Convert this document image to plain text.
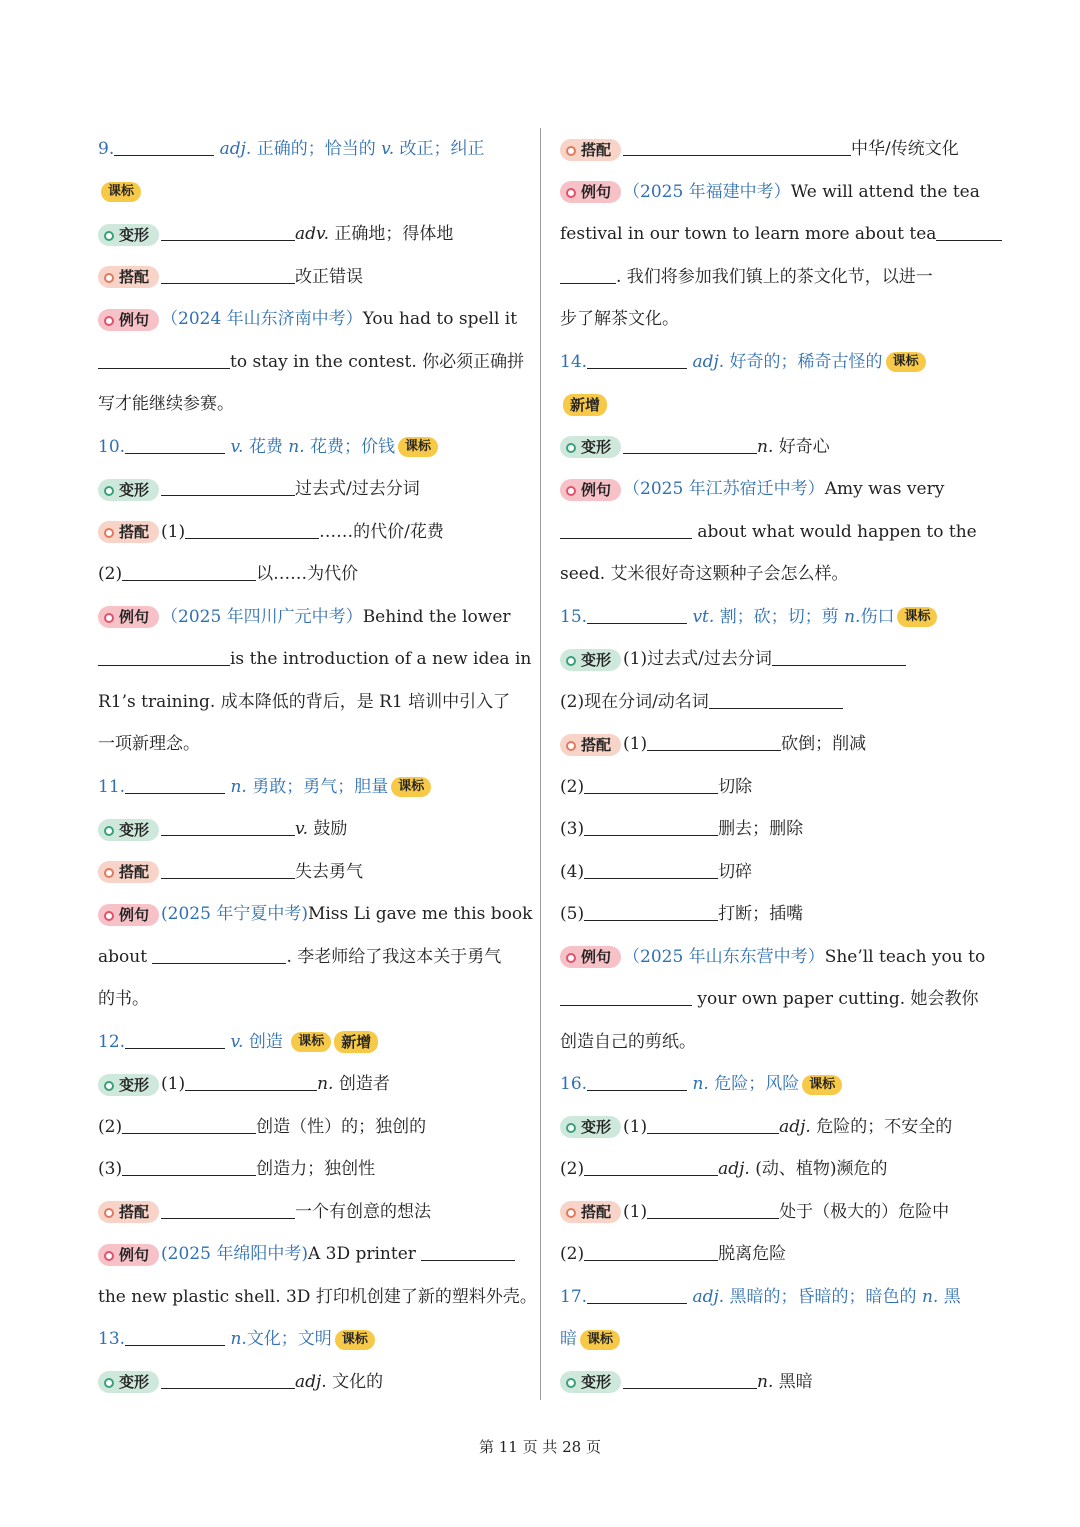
9.	adj. 正确的；恰当的 v. 改正；纠正
课标
变形	adv. 正确地；得体地
搭配	改正错误
例句 （2024 年山东济南中考）You had to spell it
to stay in the contest. 你必须正确拼
写才能继续参赛。
10.	v. 花费 n. 花费；价钱 课标
变形	过去式/过去分词
搭配 (1)	……的代价/花费
(2)	以……为代价
例句 （2025 年四川广元中考）Behind the lower
is the introduction of a new idea in
R1’s training. 成本降低的背后，是 R1 培训中引入了
一项新理念。
11.	n. 勇敢；勇气；胆量 课标
变形	v. 鼓励
搭配	失去勇气
例句 (2025 年宁夏中考)Miss Li gave me this book
about	. 李老师给了我这本关于勇气
的书。
12.	v. 创造 课标 新增
变形 (1)	n. 创造者
(2)	创造（性）的；独创的
(3)	创造力；独创性
搭配	一个有创意的想法
例句 (2025 年绵阳中考)A 3D printer
the new plastic shell. 3D 打印机创建了新的塑料外壳。
13.	n.文化；文明 课标
变形	adj. 文化的
搭配	中华/传统文化
例句 （2025 年福建中考）We will attend the tea
festival in our town to learn more about tea
. 我们将参加我们镇上的茶文化节，以进一
步了解茶文化。
14.	adj. 好奇的；稀奇古怪的 课标
新增
变形	n. 好奇心
例句 （2025 年江苏宿迁中考）Amy was very
about what would happen to the
seed. 艾米很好奇这颗种子会怎么样。
15.	vt. 割；砍；切；剪 n.伤口 课标
变形 (1)过去式/过去分词
(2)现在分词/动名词
搭配 (1)	砍倒；削减
(2)	切除
(3)	删去；删除
(4)	切碎
(5)	打断；插嘴
例句 （2025 年山东东营中考）She’ll teach you to
your own paper cutting. 她会教你
创造自己的剪纸。
16.	n. 危险；风险 课标
变形 (1)	adj. 危险的；不安全的
(2)	adj. (动、植物)濒危的
搭配 (1)	处于（极大的）危险中
(2)	脱离危险
17.	adj. 黑暗的；昏暗的；暗色的 n. 黑
暗 课标
变形	n. 黑暗
第 11 页 共 28 页
